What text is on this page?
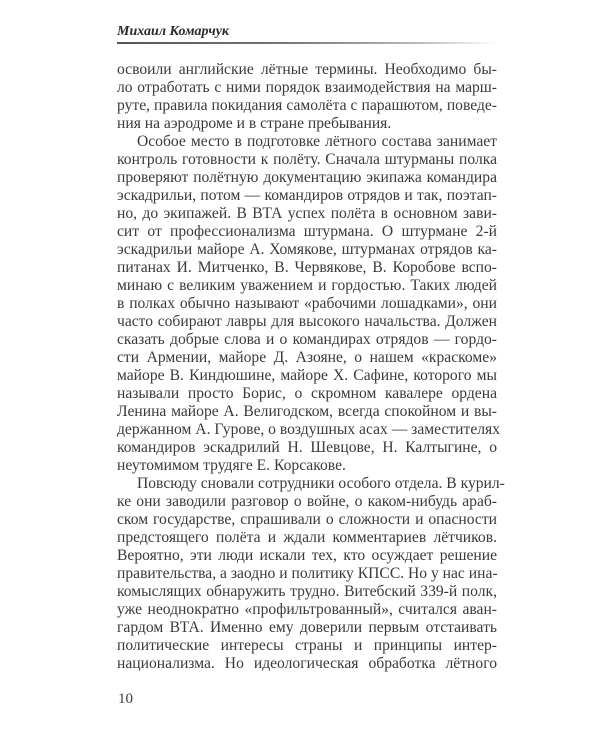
Михаил Комарчук
освоили английские лётные термины. Необходимо бы-
ло отработать с ними порядок взаимодействия на марш-
руте, правила покидания самолёта с парашютом, поведе-
ния на аэродроме и в стране пребывания.
Особое место в подготовке лётного состава занимает
контроль готовности к полёту. Сначала штурманы полка
проверяют полётную документацию экипажа командира
эскадрильи, потом — командиров отрядов и так, поэтап-
но, до экипажей. В ВТА успех полёта в основном зави-
сит от профессионализма штурмана. О штурмане 2-й
эскадрильи майоре А. Хомякове, штурманах отрядов ка-
питанах И. Митченко, В. Червякове, В. Коробове вспо-
минаю с великим уважением и гордостью. Таких людей
в полках обычно называют «рабочими лошадками», они
часто собирают лавры для высокого начальства. Должен
сказать добрые слова и о командирах отрядов — гордо-
сти Армении, майоре Д. Азояне, о нашем «краскоме»
майоре В. Киндюшине, майоре Х. Сафине, которого мы
называли просто Борис, о скромном кавалере ордена
Ленина майоре А. Велигодском, всегда спокойном и вы-
держанном А. Гурове, о воздушных асах — заместителях
командиров эскадрилий Н. Шевцове, Н. Калтыгине, о
неутомимом трудяге Е. Корсакове.
Повсюду сновали сотрудники особого отдела. В курил-
ке они заводили разговор о войне, о каком-нибудь араб-
ском государстве, спрашивали о сложности и опасности
предстоящего полёта и ждали комментариев лётчиков.
Вероятно, эти люди искали тех, кто осуждает решение
правительства, а заодно и политику КПСС. Но у нас ина-
комыслящих обнаружить трудно. Витебский 339-й полк,
уже неоднократно «профильтрованный», считался аван-
гардом ВТА. Именно ему доверили первым отстаивать
политические интересы страны и принципы интер-
национализма. Но идеологическая обработка лётного
10
